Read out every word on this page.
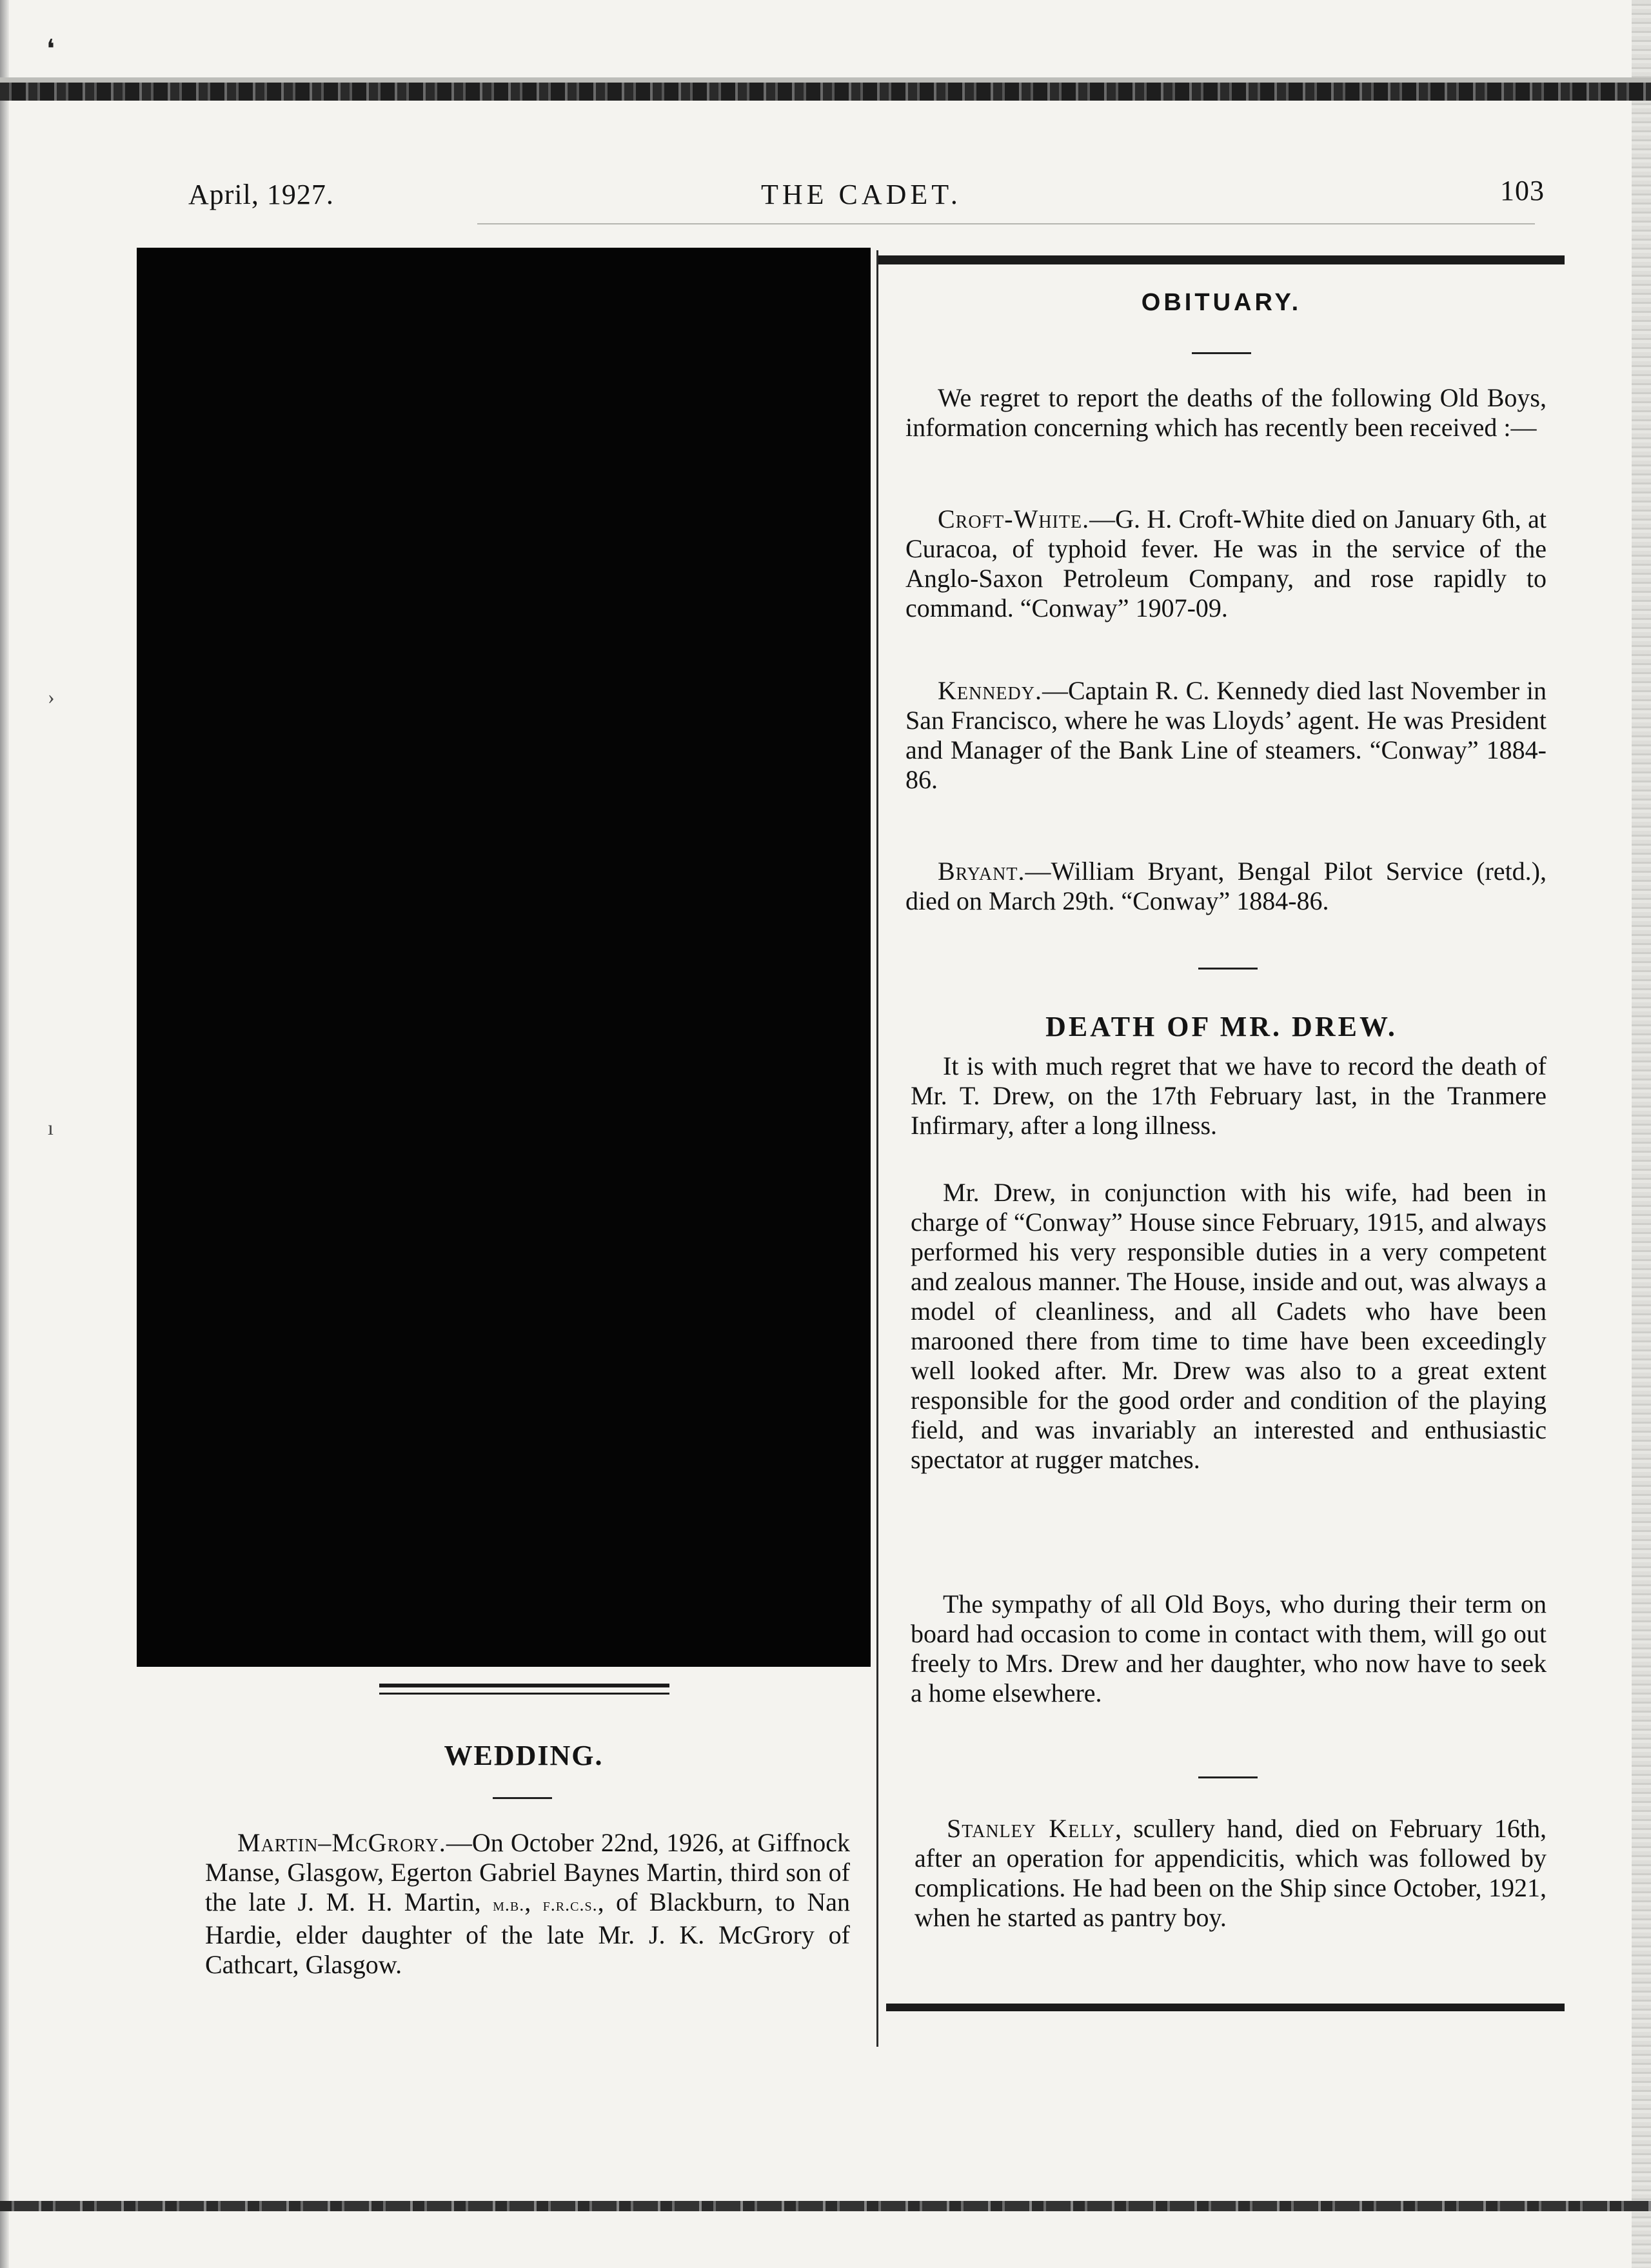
❛
›
ı
April, 1927.	THE CADET.	103
OBITUARY.

We regret to report the deaths of the following Old Boys, information concerning which has recently been received :—

Croft-White.—G. H. Croft-White died on January 6th, at Curacoa, of typhoid fever. He was in the service of the Anglo-Saxon Petroleum Company, and rose rapidly to command. “Conway” 1907-09.

Kennedy.—Captain R. C. Kennedy died last November in San Francisco, where he was Lloyds’ agent. He was President and Manager of the Bank Line of steamers. “Conway” 1884-86.

Bryant.—William Bryant, Bengal Pilot Service (retd.), died on March 29th. “Conway” 1884-86.

DEATH OF MR. DREW.

It is with much regret that we have to record the death of Mr. T. Drew, on the 17th February last, in the Tranmere Infirmary, after a long illness.

Mr. Drew, in conjunction with his wife, had been in charge of “Conway” House since February, 1915, and always performed his very responsible duties in a very competent and zealous manner. The House, inside and out, was always a model of cleanliness, and all Cadets who have been marooned there from time to time have been exceedingly well looked after. Mr. Drew was also to a great extent responsible for the good order and condition of the playing field, and was invariably an interested and enthusiastic spectator at rugger matches.

The sympathy of all Old Boys, who during their term on board had occasion to come in contact with them, will go out freely to Mrs. Drew and her daughter, who now have to seek a home elsewhere.

Stanley Kelly, scullery hand, died on February 16th, after an operation for appendicitis, which was followed by complications. He had been on the Ship since October, 1921, when he started as pantry boy.

WEDDING.

Martin–McGrory.—On October 22nd, 1926, at Giffnock Manse, Glasgow, Egerton Gabriel Baynes Martin, third son of the late J. M. H. Martin, m.b., f.r.c.s., of Blackburn, to Nan Hardie, elder daughter of the late Mr. J. K. McGrory of Cathcart, Glasgow.
